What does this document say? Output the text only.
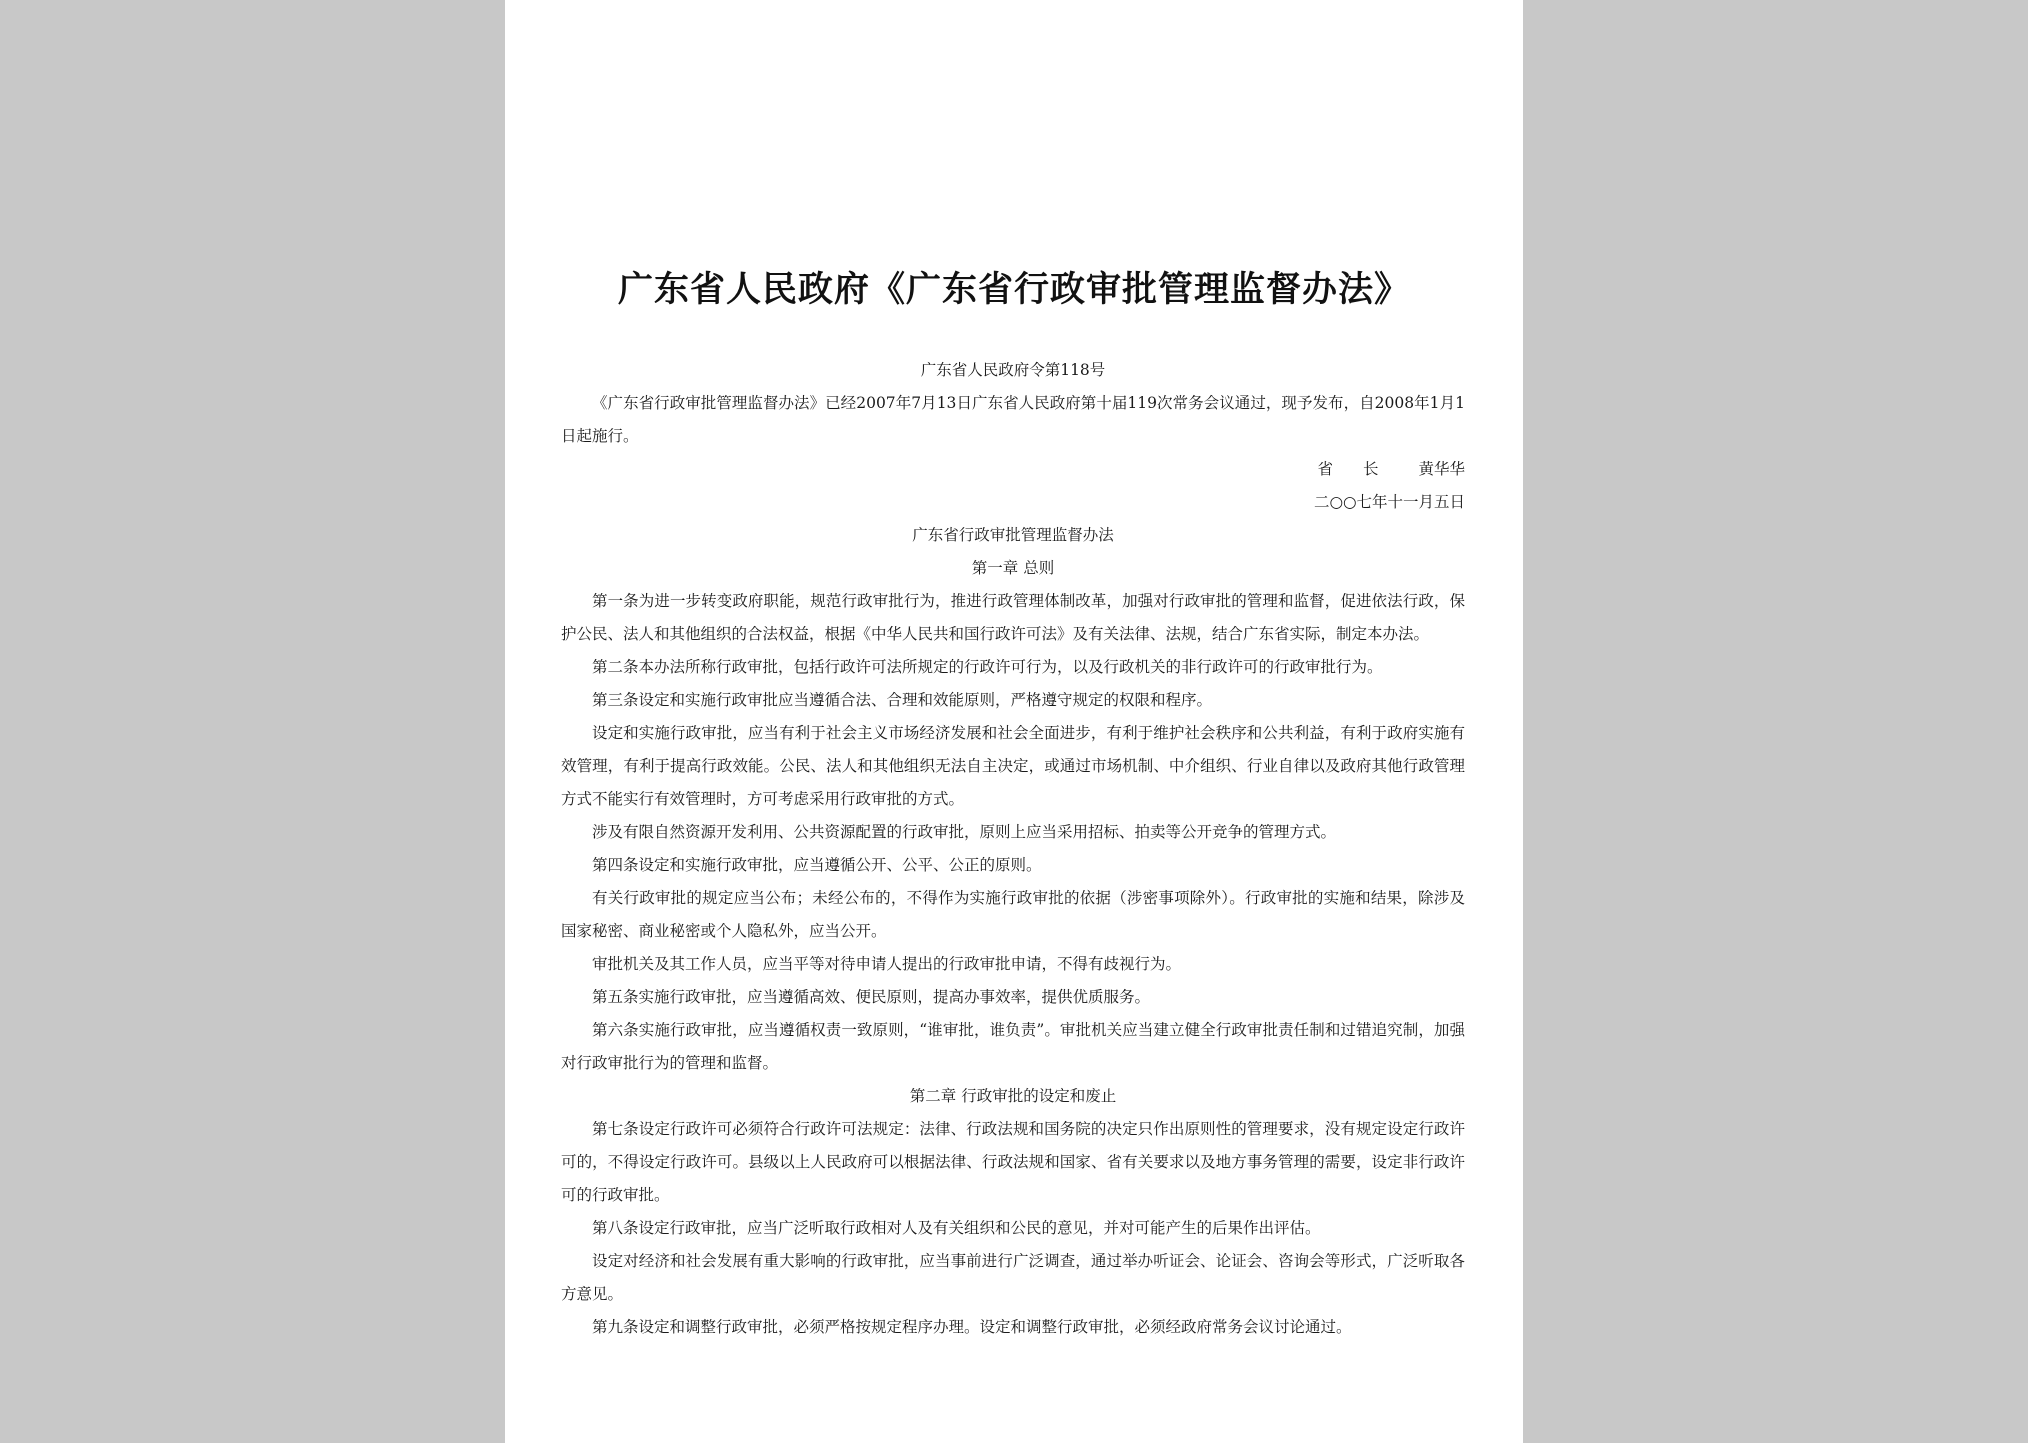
广东省人民政府《广东省行政审批管理监督办法》

广东省人民政府令第118号

《广东省行政审批管理监督办法》已经2007年7月13日广东省人民政府第十届119次常务会议通过，现予发布，自2008年1月1日起施行。

省长 黄华华

二○○七年十一月五日

广东省行政审批管理监督办法

第一章 总则

第一条为进一步转变政府职能，规范行政审批行为，推进行政管理体制改革，加强对行政审批的管理和监督，促进依法行政，保护公民、法人和其他组织的合法权益，根据《中华人民共和国行政许可法》及有关法律、法规，结合广东省实际，制定本办法。

第二条本办法所称行政审批，包括行政许可法所规定的行政许可行为，以及行政机关的非行政许可的行政审批行为。

第三条设定和实施行政审批应当遵循合法、合理和效能原则，严格遵守规定的权限和程序。

设定和实施行政审批，应当有利于社会主义市场经济发展和社会全面进步，有利于维护社会秩序和公共利益，有利于政府实施有效管理，有利于提高行政效能。公民、法人和其他组织无法自主决定，或通过市场机制、中介组织、行业自律以及政府其他行政管理方式不能实行有效管理时，方可考虑采用行政审批的方式。

涉及有限自然资源开发利用、公共资源配置的行政审批，原则上应当采用招标、拍卖等公开竞争的管理方式。

第四条设定和实施行政审批，应当遵循公开、公平、公正的原则。

有关行政审批的规定应当公布；未经公布的，不得作为实施行政审批的依据（涉密事项除外）。行政审批的实施和结果，除涉及国家秘密、商业秘密或个人隐私外，应当公开。

审批机关及其工作人员，应当平等对待申请人提出的行政审批申请，不得有歧视行为。

第五条实施行政审批，应当遵循高效、便民原则，提高办事效率，提供优质服务。

第六条实施行政审批，应当遵循权责一致原则，“谁审批，谁负责”。审批机关应当建立健全行政审批责任制和过错追究制，加强对行政审批行为的管理和监督。

第二章 行政审批的设定和废止

第七条设定行政许可必须符合行政许可法规定：法律、行政法规和国务院的决定只作出原则性的管理要求，没有规定设定行政许可的，不得设定行政许可。县级以上人民政府可以根据法律、行政法规和国家、省有关要求以及地方事务管理的需要，设定非行政许可的行政审批。

第八条设定行政审批，应当广泛听取行政相对人及有关组织和公民的意见，并对可能产生的后果作出评估。

设定对经济和社会发展有重大影响的行政审批，应当事前进行广泛调查，通过举办听证会、论证会、咨询会等形式，广泛听取各方意见。

第九条设定和调整行政审批，必须严格按规定程序办理。设定和调整行政审批，必须经政府常务会议讨论通过。
